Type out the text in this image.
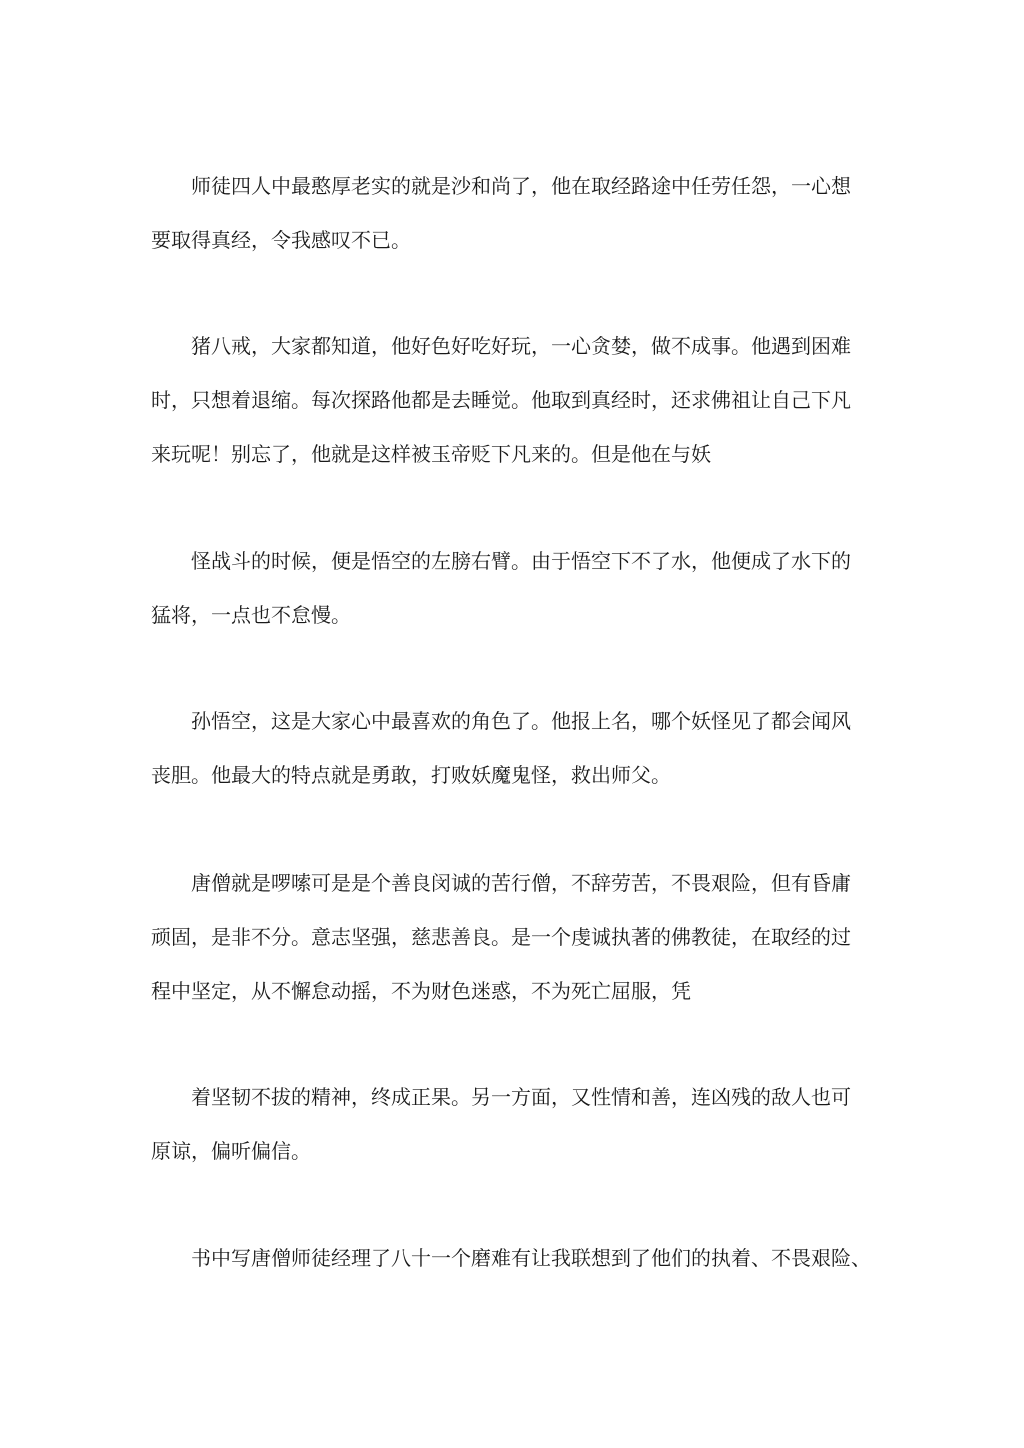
师徒四人中最憨厚老实的就是沙和尚了，他在取经路途中任劳任怨，一心想
要取得真经，令我感叹不已。
猪八戒，大家都知道，他好色好吃好玩，一心贪婪，做不成事。他遇到困难
时，只想着退缩。每次探路他都是去睡觉。他取到真经时，还求佛祖让自己下凡
来玩呢！别忘了，他就是这样被玉帝贬下凡来的。但是他在与妖
怪战斗的时候，便是悟空的左膀右臂。由于悟空下不了水，他便成了水下的
猛将，一点也不怠慢。
孙悟空，这是大家心中最喜欢的角色了。他报上名，哪个妖怪见了都会闻风
丧胆。他最大的特点就是勇敢，打败妖魔鬼怪，救出师父。
唐僧就是啰嗦可是是个善良闵诚的苦行僧，不辞劳苦，不畏艰险，但有昏庸
顽固，是非不分。意志坚强，慈悲善良。是一个虔诚执著的佛教徒，在取经的过
程中坚定，从不懈怠动摇，不为财色迷惑，不为死亡屈服，凭
着坚韧不拔的精神，终成正果。另一方面，又性情和善，连凶残的敌人也可
原谅，偏听偏信。
书中写唐僧师徒经理了八十一个磨难有让我联想到了他们的执着、不畏艰险、
